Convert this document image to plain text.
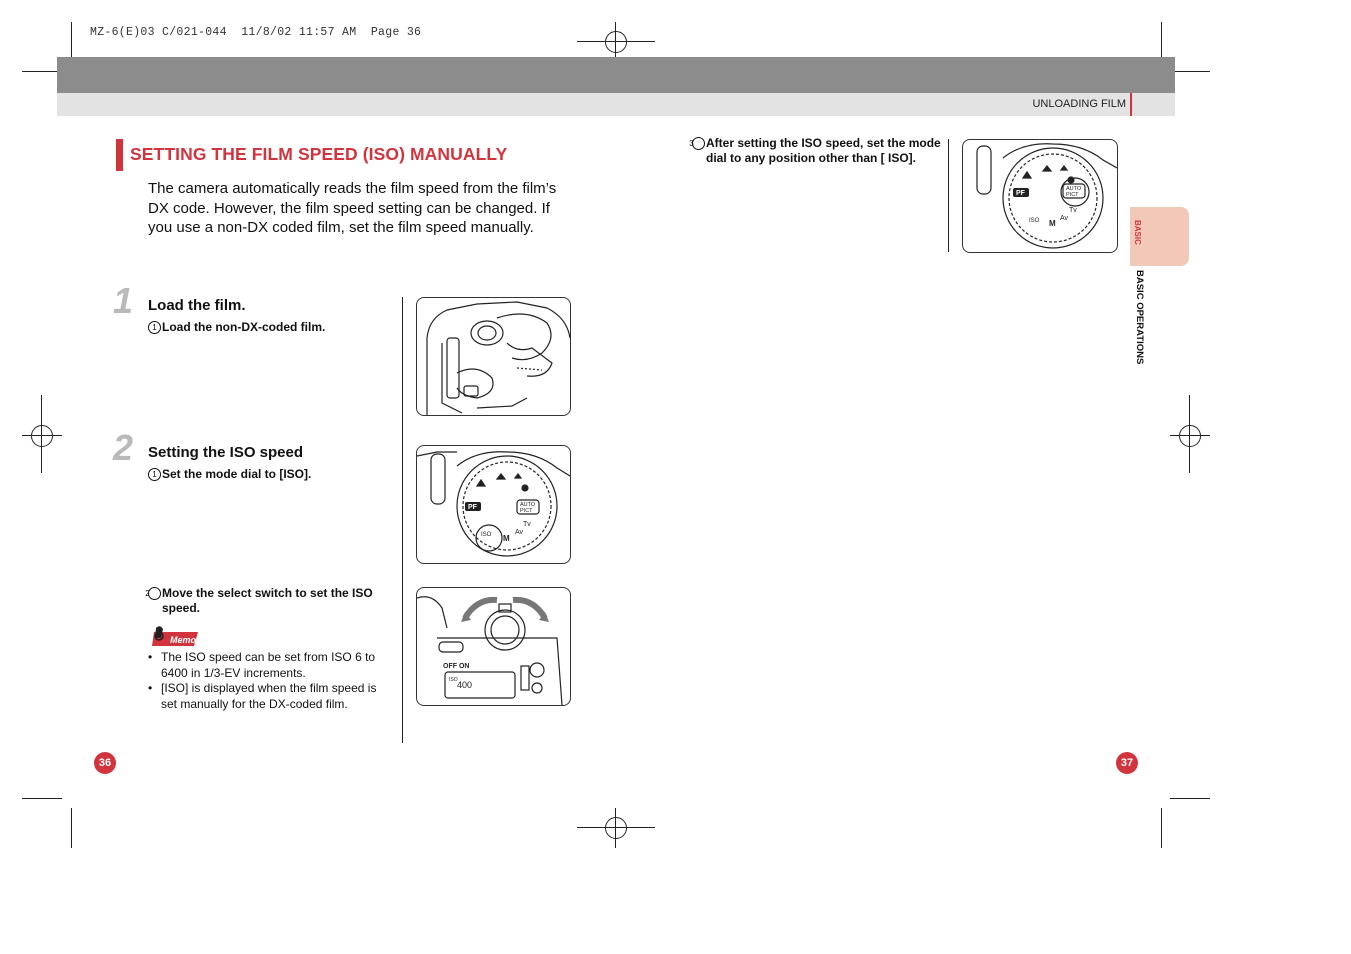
MZ-6(E)03 C/021-044  11/8/02 11:57 AM  Page 36
UNLOADING FILM
SETTING THE FILM SPEED (ISO) MANUALLY
The camera automatically reads the film speed from the film’s DX code. However, the film speed setting can be changed. If you use a non-DX coded film, set the film speed manually.
1 Load the film.
1 Load the non-DX-coded film.
2 Setting the ISO speed
1 Set the mode dial to [ISO].
2 Move the select switch to set the ISO speed.
Memo
• The ISO speed can be set from ISO 6 to 6400 in 1/3-EV increments.
• [ISO] is displayed when the film speed is set manually for the DX-coded film.
PF	AUTO
PICT
Tv
Av
M
ISO
OFF ON
ISO 400
3 After setting the ISO speed, set the mode dial to any position other than [ ISO].
PF
AUTO
PICT
Tv
Av
M
ISO	BASIC
BASIC OPERATIONS
36	37
